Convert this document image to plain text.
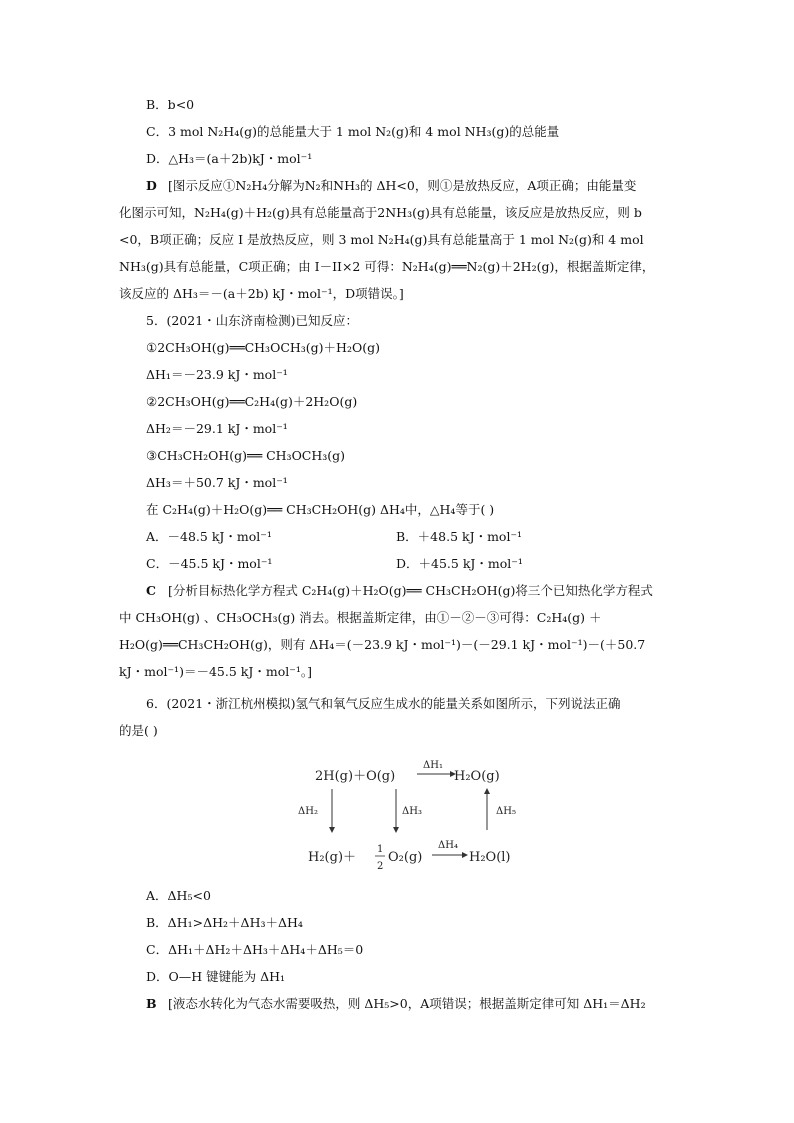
B．b<0
C．3 mol N₂H₄(g)的总能量大于 1 mol N₂(g)和 4 mol NH₃(g)的总能量
D．△H₃＝(a＋2b)kJ・mol⁻¹
D [图示反应①N₂H₄分解为N₂和NH₃的 ΔH<0，则①是放热反应，A项正确；由能量变
化图示可知，N₂H₄(g)＋H₂(g)具有总能量高于2NH₃(g)具有总能量，该反应是放热反应，则 b
<0，B项正确；反应 I 是放热反应，则 3 mol N₂H₄(g)具有总能量高于 1 mol N₂(g)和 4 mol
NH₃(g)具有总能量，C项正确；由 I－II×2 可得：N₂H₄(g)══N₂(g)＋2H₂(g)，根据盖斯定律，
该反应的 ΔH₃＝－(a＋2b) kJ・mol⁻¹，D项错误。]
5．(2021・山东济南检测)已知反应：
①2CH₃OH(g)══CH₃OCH₃(g)＋H₂O(g)
ΔH₁＝－23.9 kJ・mol⁻¹
②2CH₃OH(g)══C₂H₄(g)＋2H₂O(g)
ΔH₂＝－29.1 kJ・mol⁻¹
③CH₃CH₂OH(g)══ CH₃OCH₃(g)
ΔH₃＝＋50.7 kJ・mol⁻¹
在 C₂H₄(g)＋H₂O(g)══ CH₃CH₂OH(g) ΔH₄中，△H₄等于( )
A．－48.5 kJ・mol⁻¹	B．＋48.5 kJ・mol⁻¹
C．－45.5 kJ・mol⁻¹	D．＋45.5 kJ・mol⁻¹
C [分析目标热化学方程式 C₂H₄(g)＋H₂O(g)══ CH₃CH₂OH(g)将三个已知热化学方程式
中 CH₃OH(g) 、CH₃OCH₃(g) 消去。根据盖斯定律，由①－②－③可得：C₂H₄(g) ＋
H₂O(g)══CH₃CH₂OH(g)，则有 ΔH₄＝(－23.9 kJ・mol⁻¹)－(－29.1 kJ・mol⁻¹)－(＋50.7
kJ・mol⁻¹)＝－45.5 kJ・mol⁻¹。]
6．(2021・浙江杭州模拟)氢气和氧气反应生成水的能量关系如图所示，下列说法正确
的是( )
2H(g)＋O(g)
ΔH₁
H₂O(g)
ΔH₂	ΔH₃	ΔH₅
H₂(g)＋
1
2
O₂(g)
ΔH₄
H₂O(l)
A．ΔH₅<0
B．ΔH₁>ΔH₂＋ΔH₃＋ΔH₄
C．ΔH₁＋ΔH₂＋ΔH₃＋ΔH₄＋ΔH₅＝0
D．O—H 键键能为 ΔH₁
B [液态水转化为气态水需要吸热，则 ΔH₅>0，A项错误；根据盖斯定律可知 ΔH₁＝ΔH₂
